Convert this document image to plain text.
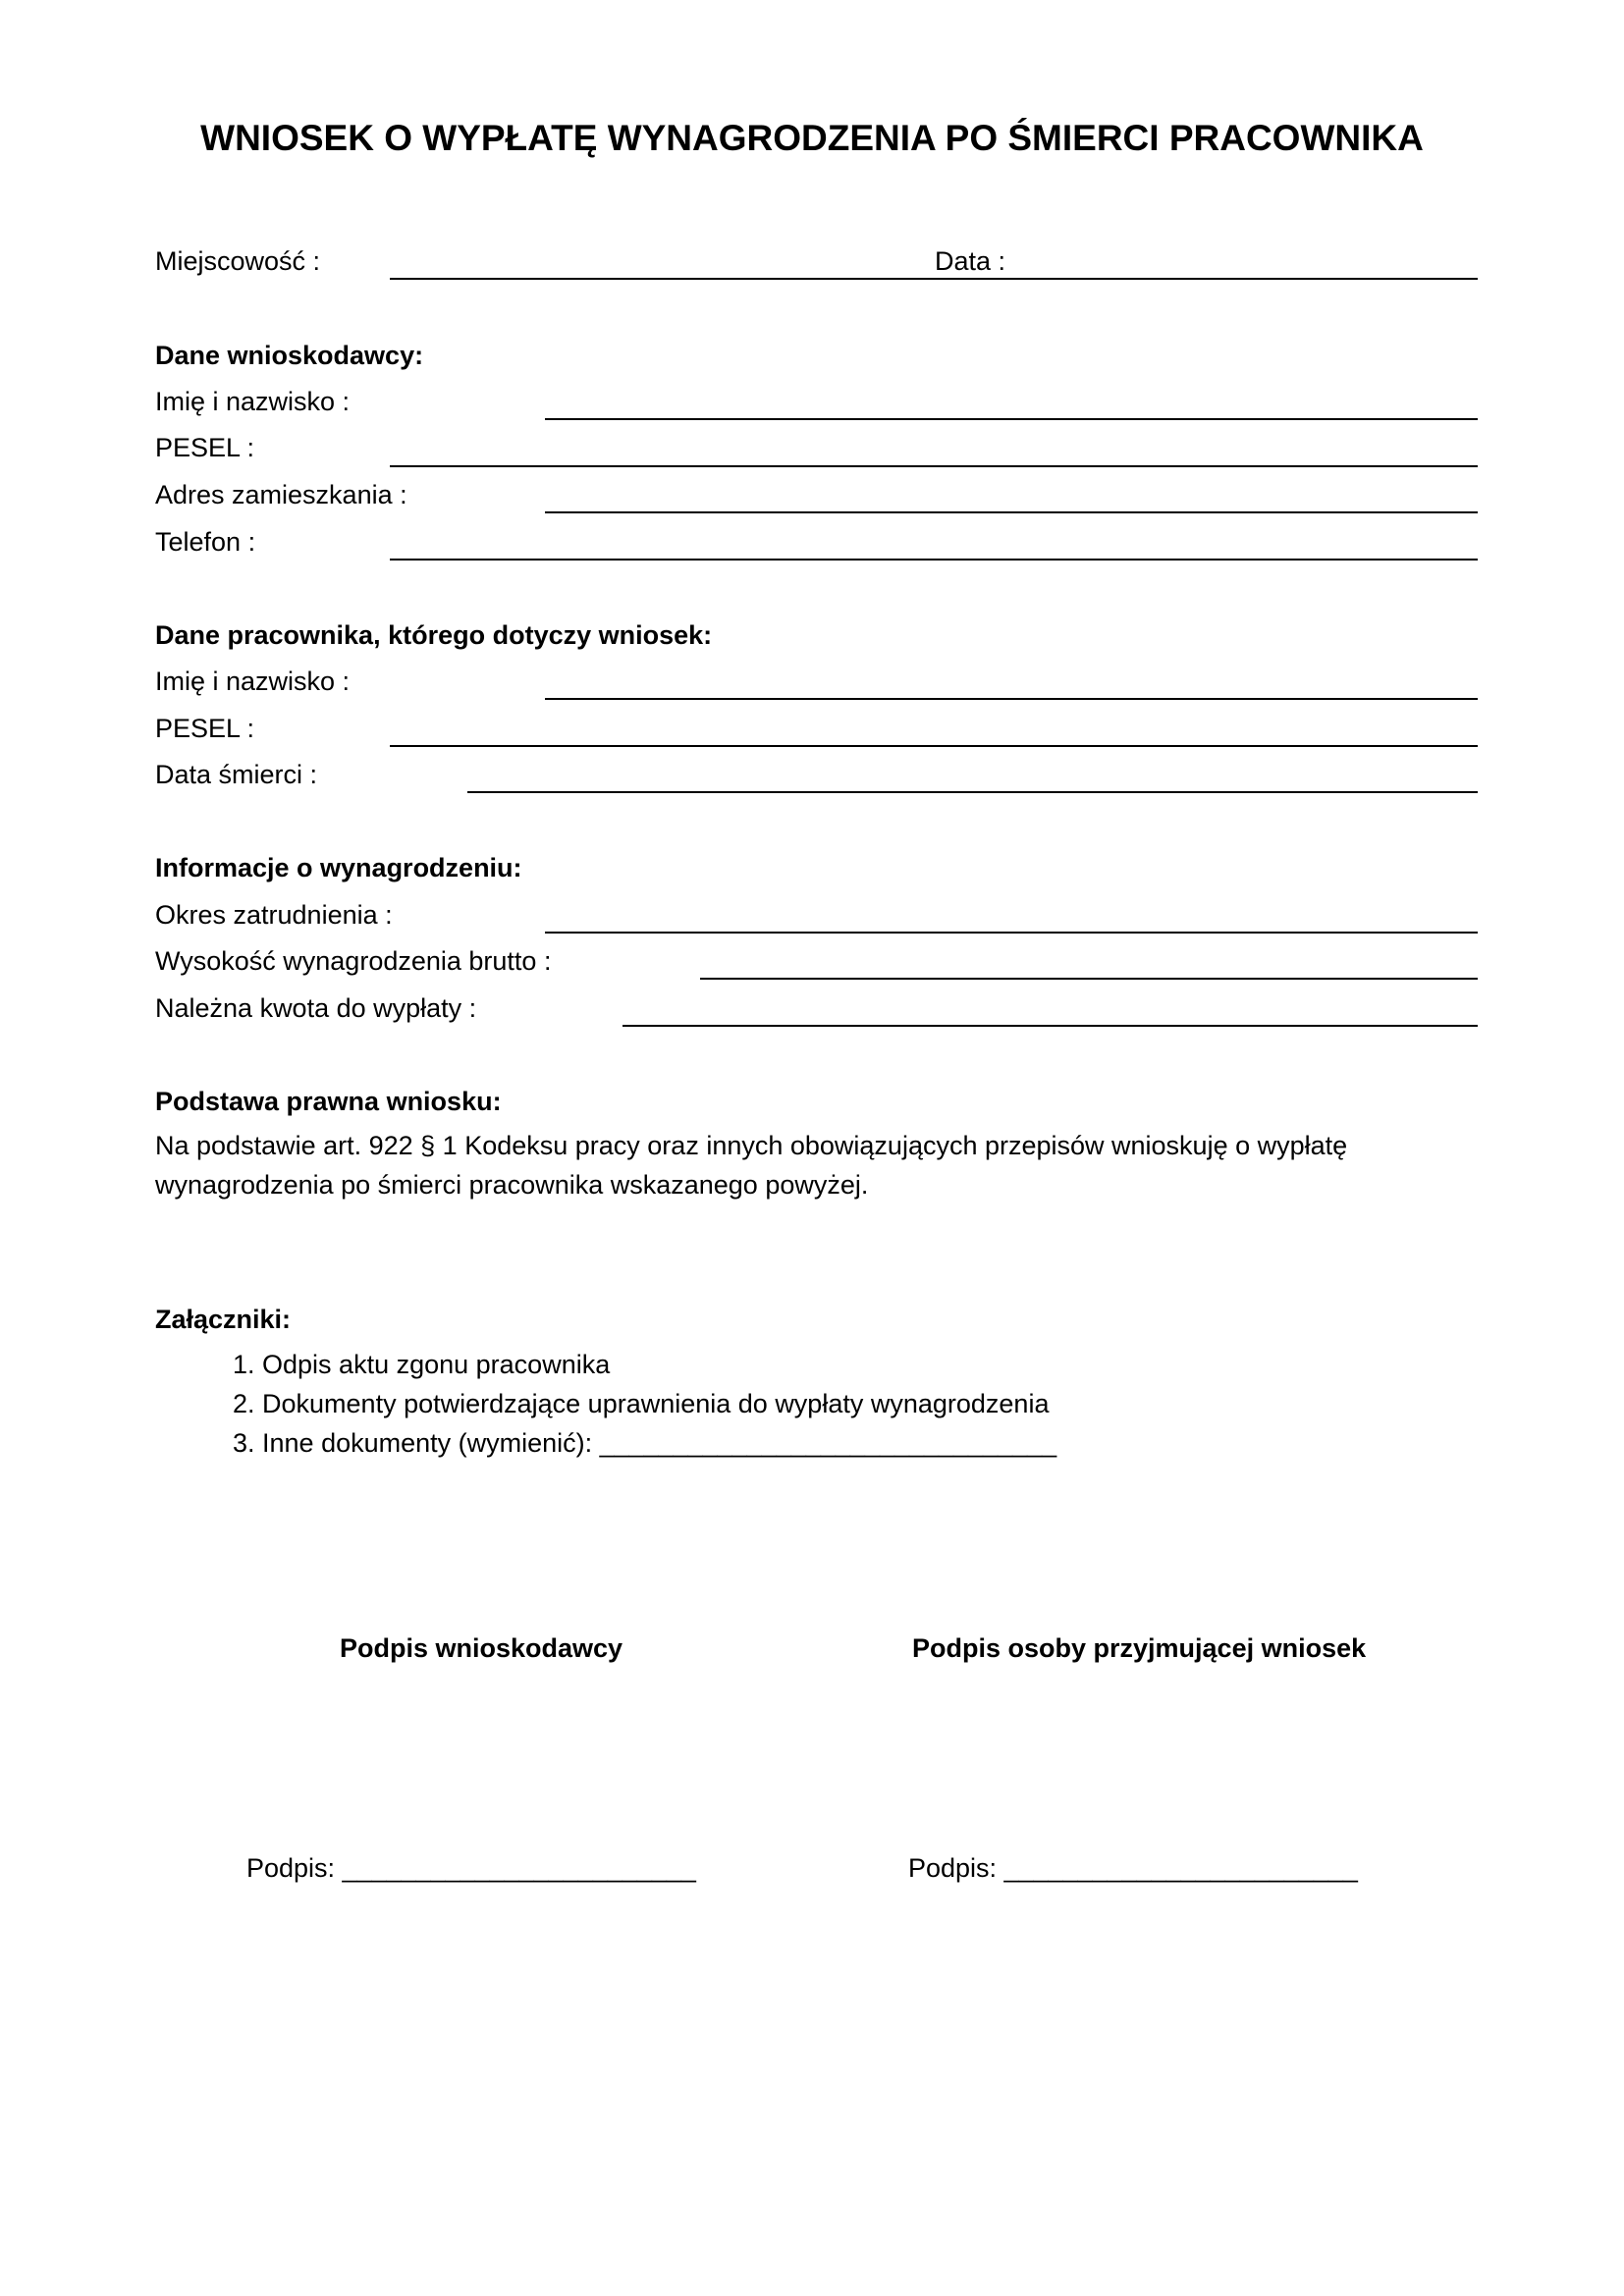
WNIOSEK O WYPŁATĘ WYNAGRODZENIA PO ŚMIERCI PRACOWNIKA
Miejscowość :	Data :
Dane wnioskodawcy:
Imię i nazwisko :
PESEL :
Adres zamieszkania :
Telefon :
Dane pracownika, którego dotyczy wniosek:
Imię i nazwisko :
PESEL :
Data śmierci :
Informacje o wynagrodzeniu:
Okres zatrudnienia :
Wysokość wynagrodzenia brutto :
Należna kwota do wypłaty :
Podstawa prawna wniosku:
Na podstawie art. 922 § 1 Kodeksu pracy oraz innych obowiązujących przepisów wnioskuję o wypłatę wynagrodzenia po śmierci pracownika wskazanego powyżej.
Załączniki:
1. Odpis aktu zgonu pracownika
2. Dokumenty potwierdzające uprawnienia do wypłaty wynagrodzenia
3. Inne dokumenty (wymienić): _______________________________
Podpis wnioskodawcy	Podpis osoby przyjmującej wniosek
Podpis: ________________________	Podpis: ________________________
